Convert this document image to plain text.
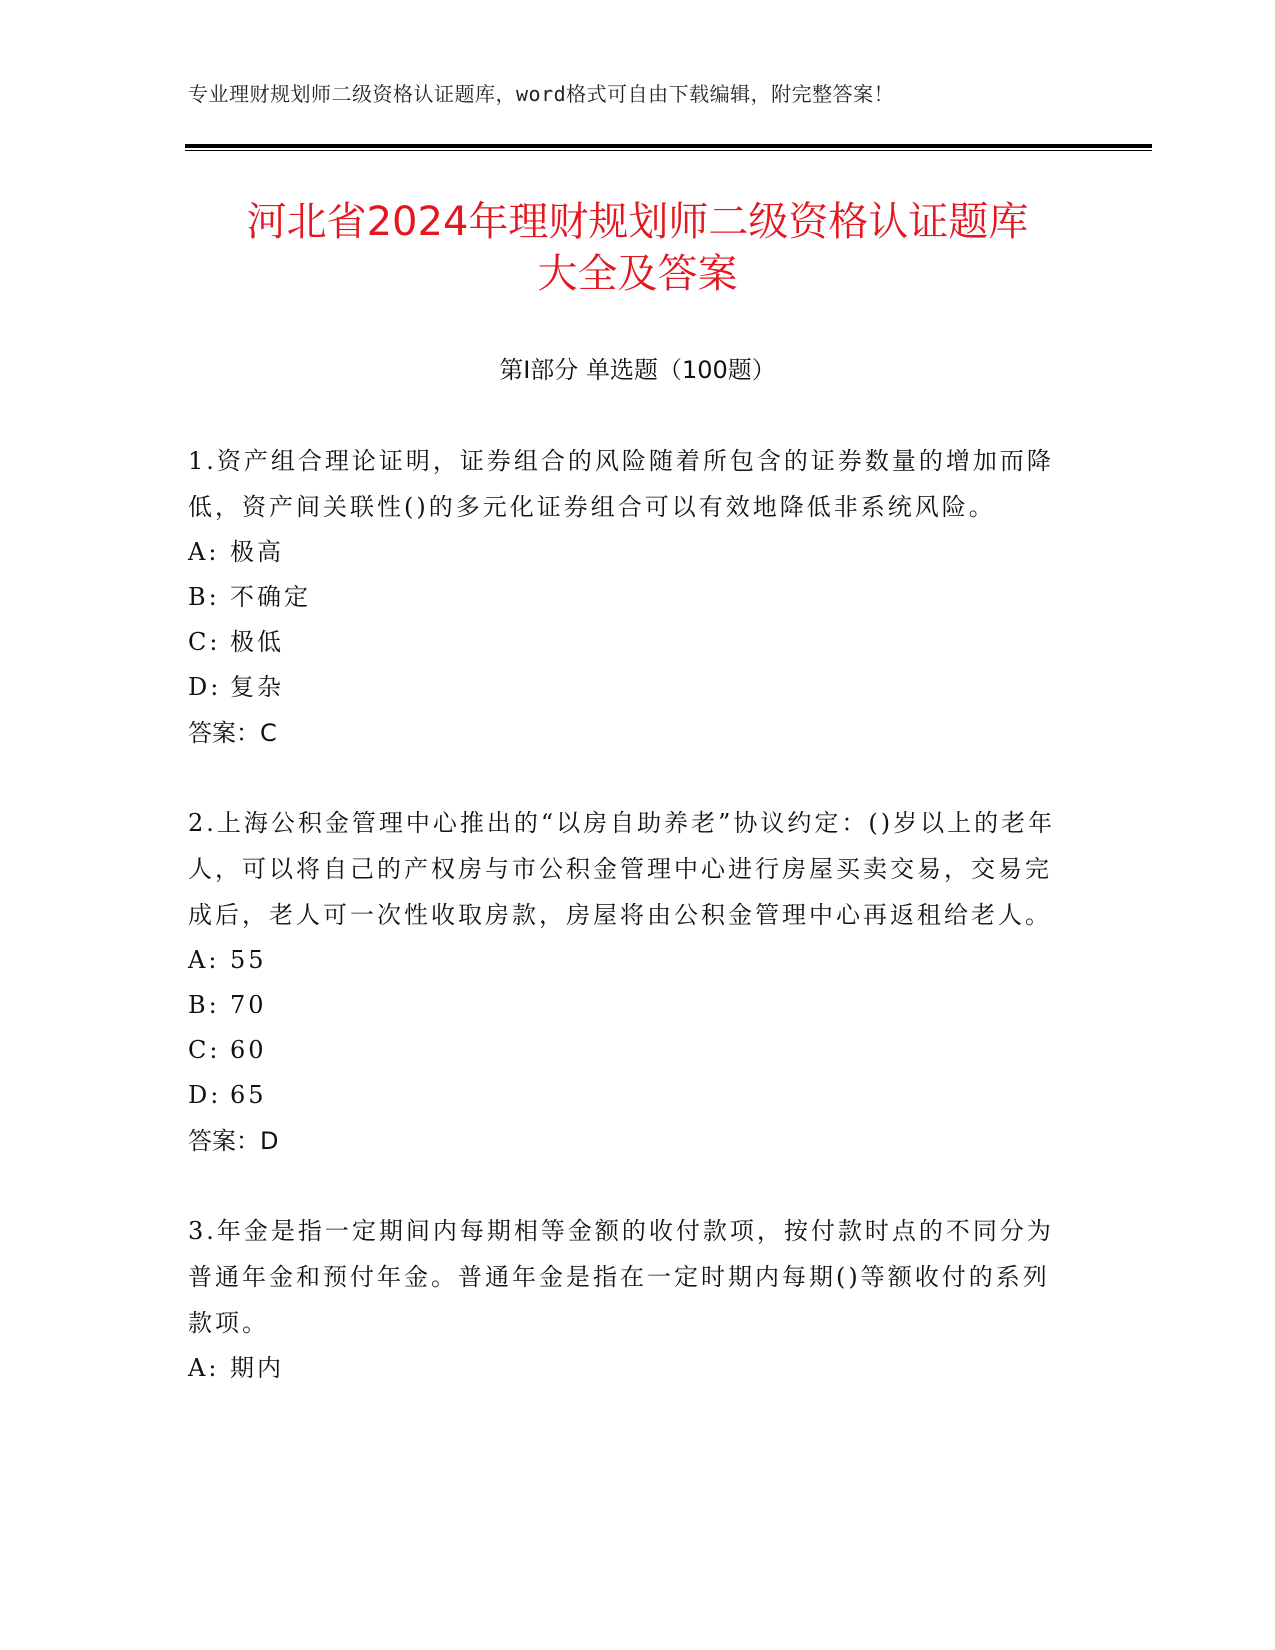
专业理财规划师二级资格认证题库，word格式可自由下载编辑，附完整答案！
河北省2024年理财规划师二级资格认证题库
大全及答案
第I部分 单选题（100题）

1.资产组合理论证明，证券组合的风险随着所包含的证券数量的增加而降低，资产间关联性()的多元化证券组合可以有效地降低非系统风险。

A: 极高
B: 不确定
C: 极低
D: 复杂
答案：C

2.上海公积金管理中心推出的“以房自助养老”协议约定：()岁以上的老年人，可以将自己的产权房与市公积金管理中心进行房屋买卖交易，交易完成后，老人可一次性收取房款，房屋将由公积金管理中心再返租给老人。

A: 55
B: 70
C: 60
D: 65
答案：D

3.年金是指一定期间内每期相等金额的收付款项，按付款时点的不同分为普通年金和预付年金。普通年金是指在一定时期内每期()等额收付的系列款项。

A: 期内
